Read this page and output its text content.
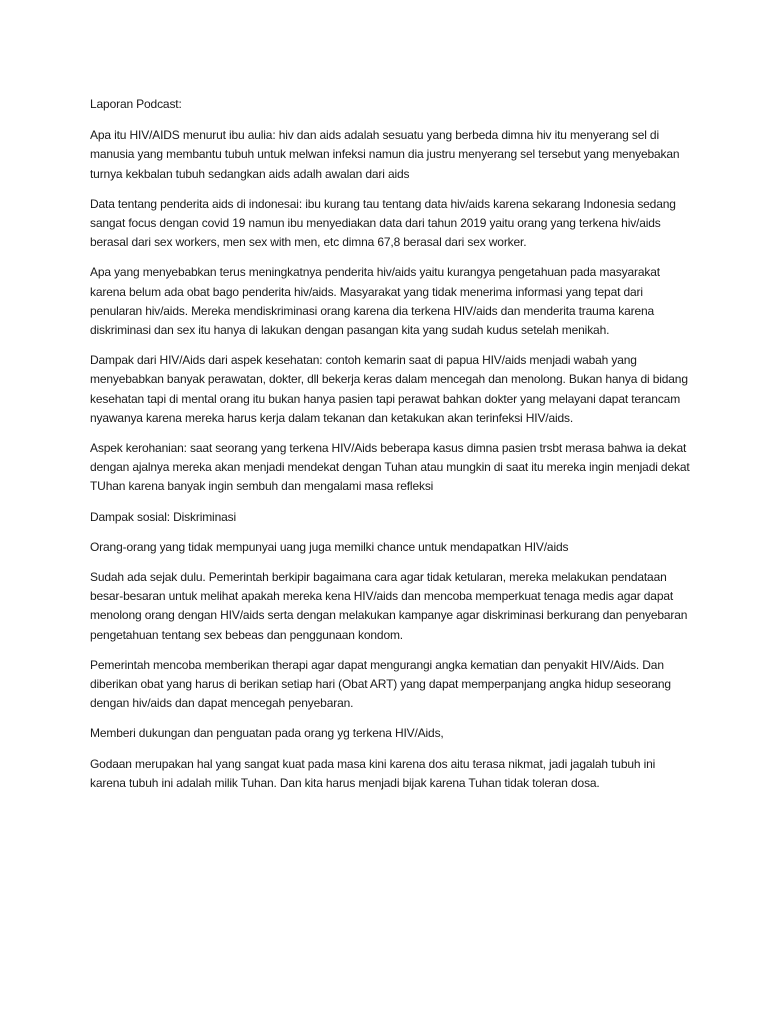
Laporan Podcast:

Apa itu HIV/AIDS menurut ibu aulia: hiv dan aids adalah sesuatu yang berbeda dimna hiv itu menyerang sel di manusia yang membantu tubuh untuk melwan infeksi namun dia justru menyerang sel tersebut yang menyebakan turnya kekbalan tubuh sedangkan aids adalh awalan dari aids

Data tentang penderita aids di indonesai: ibu kurang tau tentang data hiv/aids karena sekarang Indonesia sedang sangat focus dengan covid 19 namun ibu menyediakan data dari tahun 2019 yaitu orang yang terkena hiv/aids berasal dari sex workers, men sex with men, etc dimna 67,8 berasal dari sex worker.

Apa yang menyebabkan terus meningkatnya penderita hiv/aids yaitu kurangya pengetahuan pada masyarakat karena belum ada obat bago penderita hiv/aids. Masyarakat yang tidak menerima informasi yang tepat dari penularan hiv/aids. Mereka mendiskriminasi orang karena dia terkena HIV/aids dan menderita trauma karena diskriminasi dan sex itu hanya di lakukan dengan pasangan kita yang sudah kudus setelah menikah.

Dampak dari HIV/Aids dari aspek kesehatan: contoh kemarin saat di papua HIV/aids menjadi wabah yang menyebabkan banyak perawatan, dokter, dll bekerja keras dalam mencegah dan menolong. Bukan hanya di bidang kesehatan tapi di mental orang itu bukan hanya pasien tapi perawat bahkan dokter yang melayani dapat terancam nyawanya karena mereka harus kerja dalam tekanan dan ketakukan akan terinfeksi HIV/aids.

Aspek kerohanian: saat seorang yang terkena HIV/Aids beberapa kasus dimna pasien trsbt merasa bahwa ia dekat dengan ajalnya mereka akan menjadi mendekat dengan Tuhan atau mungkin di saat itu mereka ingin menjadi dekat TUhan karena banyak ingin sembuh dan mengalami masa refleksi

Dampak sosial: Diskriminasi

Orang-orang yang tidak mempunyai uang juga memilki chance untuk mendapatkan HIV/aids

Sudah ada sejak dulu. Pemerintah berkipir bagaimana cara agar tidak ketularan, mereka melakukan pendataan besar-besaran untuk melihat apakah mereka kena HIV/aids dan mencoba memperkuat tenaga medis agar dapat menolong orang dengan HIV/aids serta dengan melakukan kampanye agar diskriminasi berkurang dan penyebaran pengetahuan tentang sex bebeas dan penggunaan kondom.

Pemerintah mencoba memberikan therapi agar dapat mengurangi angka kematian dan penyakit HIV/Aids. Dan diberikan obat yang harus di berikan setiap hari (Obat ART) yang dapat memperpanjang angka hidup seseorang dengan hiv/aids dan dapat mencegah penyebaran.

Memberi dukungan dan penguatan pada orang yg terkena HIV/Aids,

Godaan merupakan hal yang sangat kuat pada masa kini karena dos aitu terasa nikmat, jadi jagalah tubuh ini karena tubuh ini adalah milik Tuhan. Dan kita harus menjadi bijak karena Tuhan tidak toleran dosa.
